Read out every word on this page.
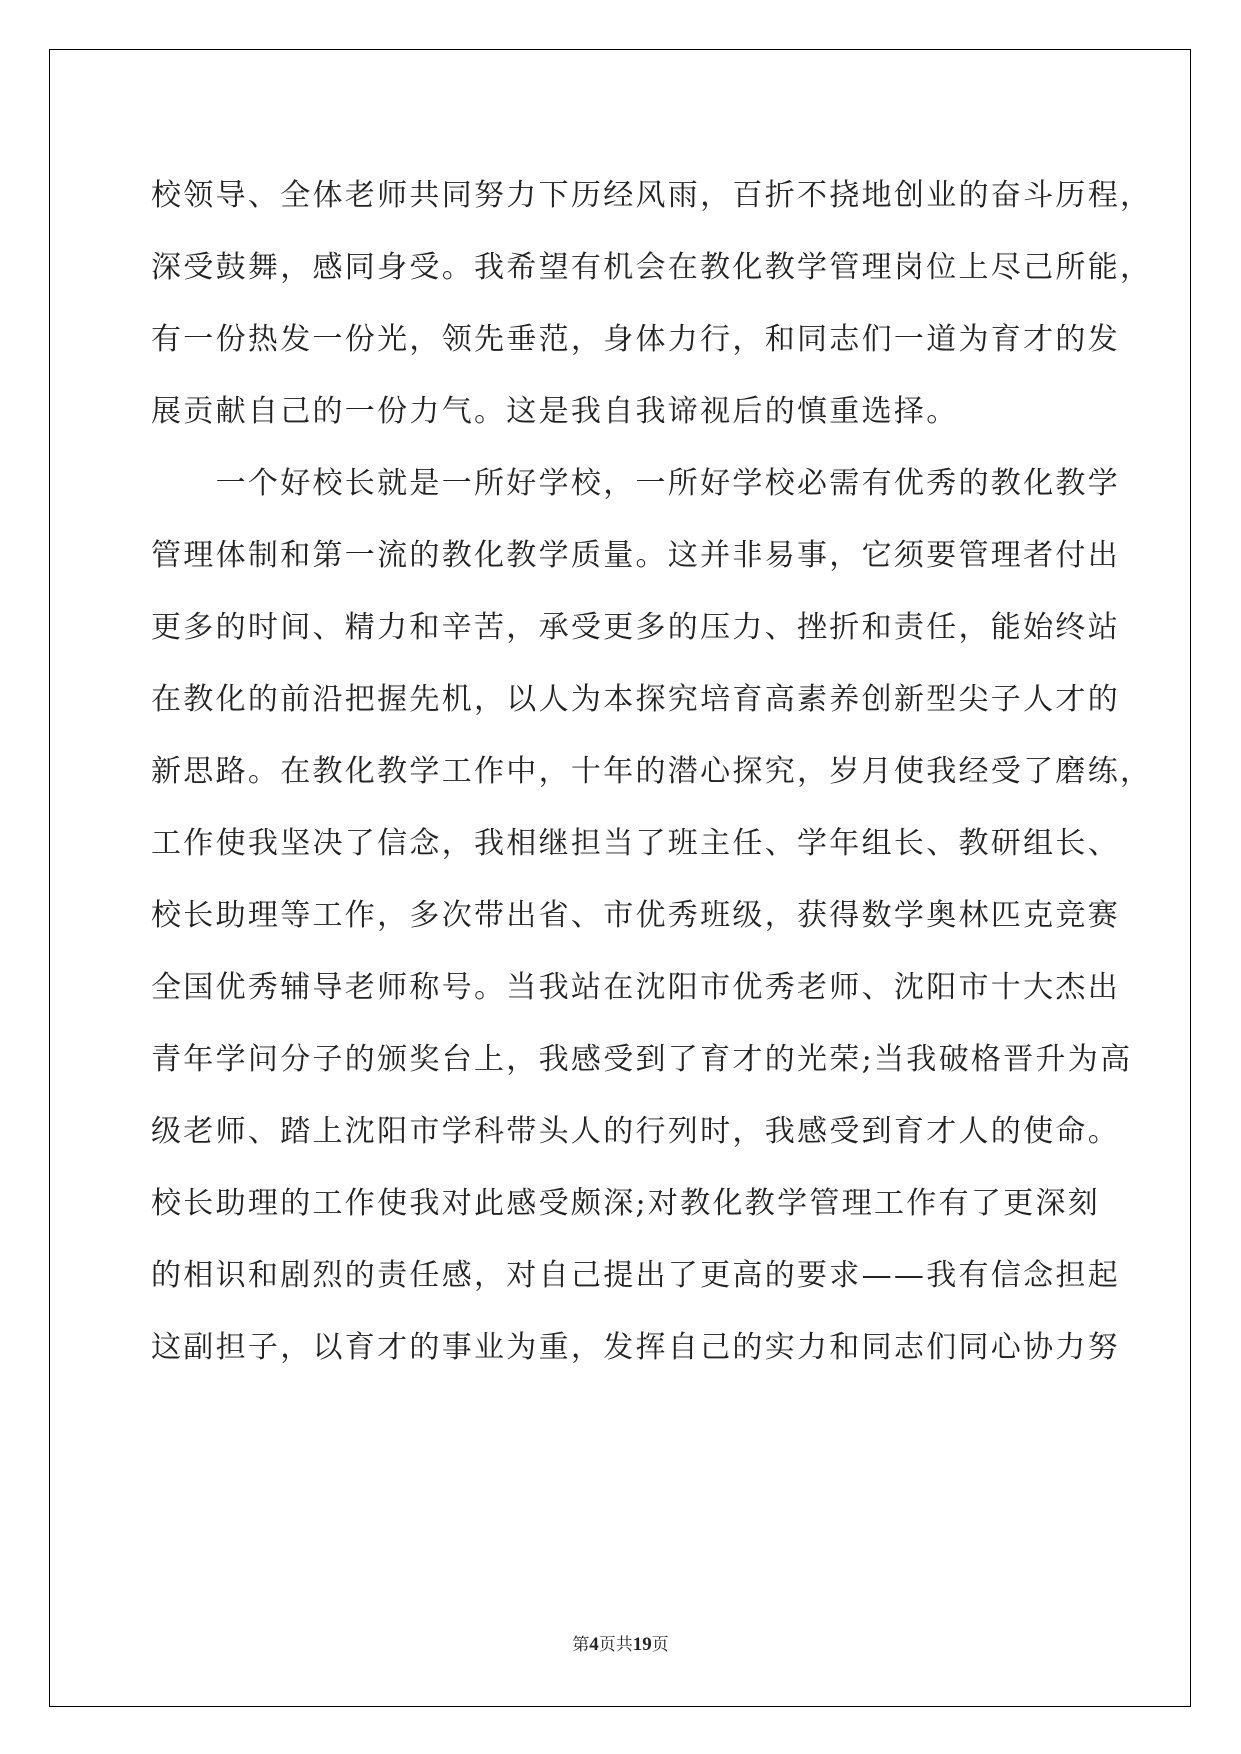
校领导、全体老师共同努力下历经风雨，百折不挠地创业的奋斗历程，
深受鼓舞，感同身受。我希望有机会在教化教学管理岗位上尽己所能，
有一份热发一份光，领先垂范，身体力行，和同志们一道为育才的发
展贡献自己的一份力气。这是我自我谛视后的慎重选择。
　　一个好校长就是一所好学校，一所好学校必需有优秀的教化教学
管理体制和第一流的教化教学质量。这并非易事，它须要管理者付出
更多的时间、精力和辛苦，承受更多的压力、挫折和责任，能始终站
在教化的前沿把握先机，以人为本探究培育高素养创新型尖子人才的
新思路。在教化教学工作中，十年的潜心探究，岁月使我经受了磨练，
工作使我坚决了信念，我相继担当了班主任、学年组长、教研组长、
校长助理等工作，多次带出省、市优秀班级，获得数学奥林匹克竞赛
全国优秀辅导老师称号。当我站在沈阳市优秀老师、沈阳市十大杰出
青年学问分子的颁奖台上，我感受到了育才的光荣;当我破格晋升为高
级老师、踏上沈阳市学科带头人的行列时，我感受到育才人的使命。
校长助理的工作使我对此感受颇深;对教化教学管理工作有了更深刻
的相识和剧烈的责任感，对自己提出了更高的要求——我有信念担起
这副担子，以育才的事业为重，发挥自己的实力和同志们同心协力努
第4页共19页
